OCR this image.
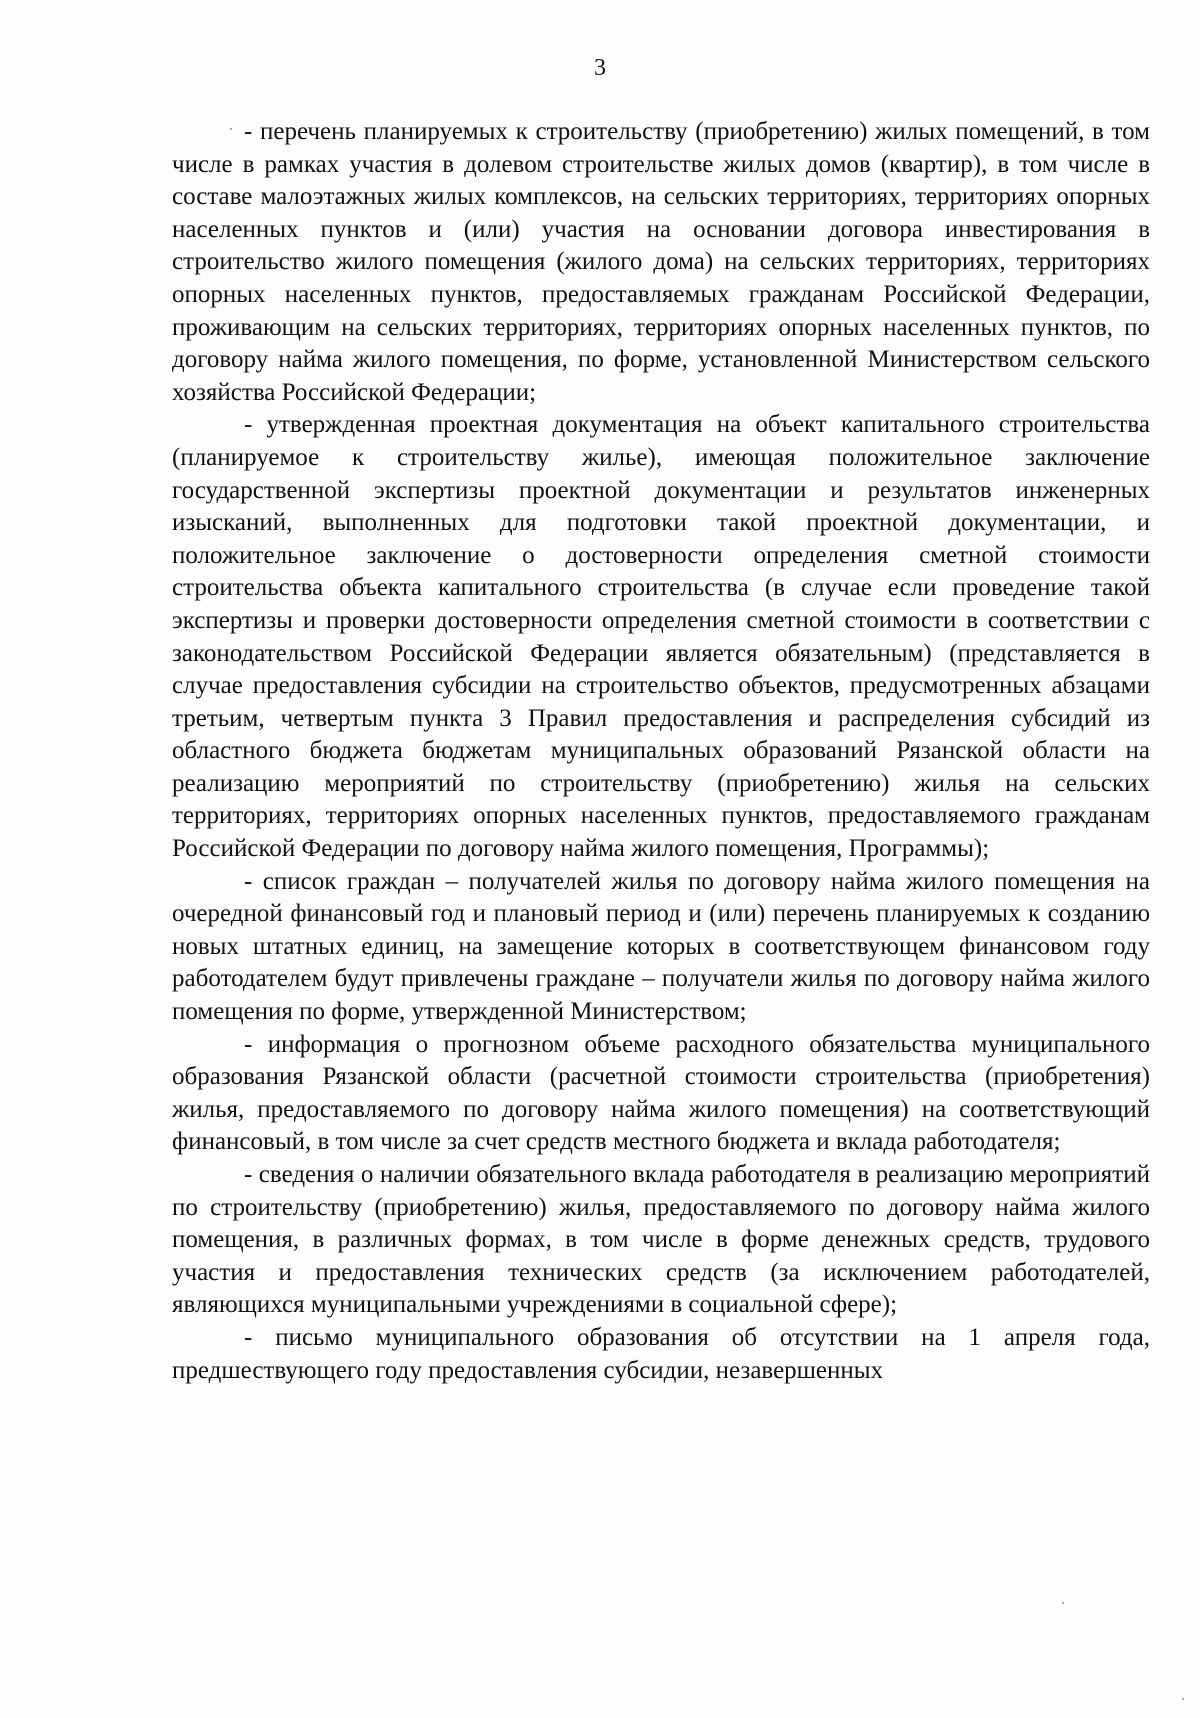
3

- перечень планируемых к строительству (приобретению) жилых помещений, в том числе в рамках участия в долевом строительстве жилых домов (квартир), в том числе в составе малоэтажных жилых комплексов, на сельских территориях, территориях опорных населенных пунктов и (или) участия на основании договора инвестирования в строительство жилого помещения (жилого дома) на сельских территориях, территориях опорных населенных пунктов, предоставляемых гражданам Российской Федерации, проживающим на сельских территориях, территориях опорных населенных пунктов, по договору найма жилого помещения, по форме, установленной Министерством сельского хозяйства Российской Федерации;

- утвержденная проектная документация на объект капитального строительства (планируемое к строительству жилье), имеющая положительное заключение государственной экспертизы проектной документации и результатов инженерных изысканий, выполненных для подготовки такой проектной документации, и положительное заключение о достоверности определения сметной стоимости строительства объекта капитального строительства (в случае если проведение такой экспертизы и проверки достоверности определения сметной стоимости в соответствии с законодательством Российской Федерации является обязательным) (представляется в случае предоставления субсидии на строительство объектов, предусмотренных абзацами третьим, четвертым пункта 3 Правил предоставления и распределения субсидий из областного бюджета бюджетам муниципальных образований Рязанской области на реализацию мероприятий по строительству (приобретению) жилья на сельских территориях, территориях опорных населенных пунктов, предоставляемого гражданам Российской Федерации по договору найма жилого помещения, Программы);

- список граждан – получателей жилья по договору найма жилого помещения на очередной финансовый год и плановый период и (или) перечень планируемых к созданию новых штатных единиц, на замещение которых в соответствующем финансовом году работодателем будут привлечены граждане – получатели жилья по договору найма жилого помещения по форме, утвержденной Министерством;

- информация о прогнозном объеме расходного обязательства муниципального образования Рязанской области (расчетной стоимости строительства (приобретения) жилья, предоставляемого по договору найма жилого помещения) на соответствующий финансовый, в том числе за счет средств местного бюджета и вклада работодателя;

- сведения о наличии обязательного вклада работодателя в реализацию мероприятий по строительству (приобретению) жилья, предоставляемого по договору найма жилого помещения, в различных формах, в том числе в форме денежных средств, трудового участия и предоставления технических средств (за исключением работодателей, являющихся муниципальными учреждениями в социальной сфере);

- письмо муниципального образования об отсутствии на 1 апреля года, предшествующего году предоставления субсидии, незавершенных
